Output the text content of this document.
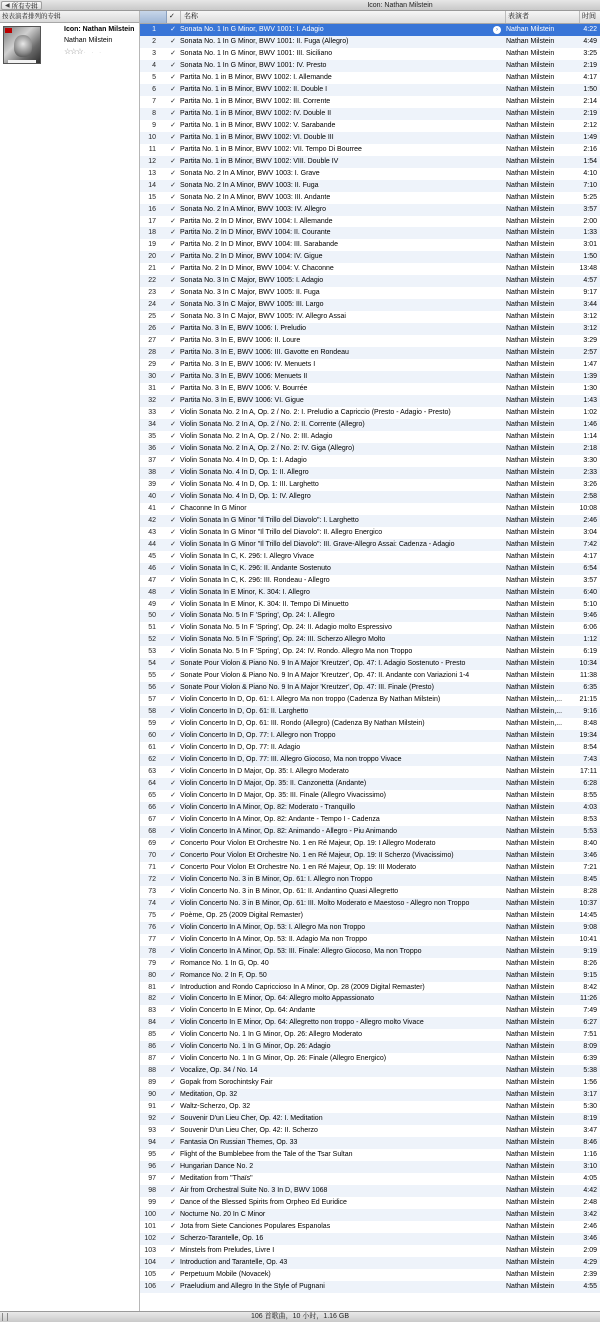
◀ 所有专辑	Icon: Nathan Milstein
按表演者排列的专辑
Icon: Nathan Milstein
Nathan Milstein
☆☆☆ · · ·
✓	名称	表演者	时间
1 ✓ Sonata No. 1 In G Minor, BWV 1001: I. Adagio	›	Nathan Milstein	4:22
2 ✓ Sonata No. 1 In G Minor, BWV 1001: II. Fuga (Allegro)	Nathan Milstein	4:49
3 ✓ Sonata No. 1 In G Minor, BWV 1001: III. Siciliano	Nathan Milstein	3:25
4 ✓ Sonata No. 1 In G Minor, BWV 1001: IV. Presto	Nathan Milstein	2:19
5 ✓ Partita No. 1 in B Minor, BWV 1002: I. Allemande	Nathan Milstein	4:17
6 ✓ Partita No. 1 in B Minor, BWV 1002: II. Double I	Nathan Milstein	1:50
7 ✓ Partita No. 1 in B Minor, BWV 1002: III. Corrente	Nathan Milstein	2:14
8 ✓ Partita No. 1 in B Minor, BWV 1002: IV. Double II	Nathan Milstein	2:19
9 ✓ Partita No. 1 in B Minor, BWV 1002: V. Sarabande	Nathan Milstein	2:12
10 ✓ Partita No. 1 in B Minor, BWV 1002: VI. Double III	Nathan Milstein	1:49
11 ✓ Partita No. 1 in B Minor, BWV 1002: VII. Tempo Di Bourree	Nathan Milstein	2:16
12 ✓ Partita No. 1 in B Minor, BWV 1002: VIII. Double IV	Nathan Milstein	1:54
13 ✓ Sonata No. 2 In A Minor, BWV 1003: I. Grave	Nathan Milstein	4:10
14 ✓ Sonata No. 2 In A Minor, BWV 1003: II. Fuga	Nathan Milstein	7:10
15 ✓ Sonata No. 2 In A Minor, BWV 1003: III. Andante	Nathan Milstein	5:25
16 ✓ Sonata No. 2 In A Minor, BWV 1003: IV. Allegro	Nathan Milstein	3:57
17 ✓ Partita No. 2 In D Minor, BWV 1004: I. Allemande	Nathan Milstein	2:00
18 ✓ Partita No. 2 In D Minor, BWV 1004: II. Courante	Nathan Milstein	1:33
19 ✓ Partita No. 2 In D Minor, BWV 1004: III. Sarabande	Nathan Milstein	3:01
20 ✓ Partita No. 2 In D Minor, BWV 1004: IV. Gigue	Nathan Milstein	1:50
21 ✓ Partita No. 2 In D Minor, BWV 1004: V. Chaconne	Nathan Milstein	13:48
22 ✓ Sonata No. 3 In C Major, BWV 1005: I. Adagio	Nathan Milstein	4:57
23 ✓ Sonata No. 3 In C Major, BWV 1005: II. Fuga	Nathan Milstein	9:17
24 ✓ Sonata No. 3 In C Major, BWV 1005: III. Largo	Nathan Milstein	3:44
25 ✓ Sonata No. 3 In C Major, BWV 1005: IV. Allegro Assai	Nathan Milstein	3:12
26 ✓ Partita No. 3 In E, BWV 1006: I. Preludio	Nathan Milstein	3:12
27 ✓ Partita No. 3 In E, BWV 1006: II. Loure	Nathan Milstein	3:29
28 ✓ Partita No. 3 In E, BWV 1006: III. Gavotte en Rondeau	Nathan Milstein	2:57
29 ✓ Partita No. 3 In E, BWV 1006: IV. Menuets I	Nathan Milstein	1:47
30 ✓ Partita No. 3 In E, BWV 1006: Menuets II	Nathan Milstein	1:39
31 ✓ Partita No. 3 In E, BWV 1006: V. Bourrée	Nathan Milstein	1:30
32 ✓ Partita No. 3 In E, BWV 1006: VI. Gigue	Nathan Milstein	1:43
33 ✓ Violin Sonata No. 2 In A, Op. 2 / No. 2: I. Preludio a Capriccio (Presto - Adagio - Presto)	Nathan Milstein	1:02
34 ✓ Violin Sonata No. 2 In A, Op. 2 / No. 2: II. Corrente (Allegro)	Nathan Milstein	1:46
35 ✓ Violin Sonata No. 2 In A, Op. 2 / No. 2: III. Adagio	Nathan Milstein	1:14
36 ✓ Violin Sonata No. 2 In A, Op. 2 / No. 2: IV. Giga (Allegro)	Nathan Milstein	2:18
37 ✓ Violin Sonata No. 4 In D, Op. 1: I. Adagio	Nathan Milstein	3:30
38 ✓ Violin Sonata No. 4 In D, Op. 1: II. Allegro	Nathan Milstein	2:33
39 ✓ Violin Sonata No. 4 In D, Op. 1: III. Larghetto	Nathan Milstein	3:26
40 ✓ Violin Sonata No. 4 In D, Op. 1: IV. Allegro	Nathan Milstein	2:58
41 ✓ Chaconne In G Minor	Nathan Milstein	10:08
42 ✓ Violin Sonata In G Minor "Il Trillo del Diavolo": I. Larghetto	Nathan Milstein	2:46
43 ✓ Violin Sonata In G Minor "Il Trillo del Diavolo": II. Allegro Energico	Nathan Milstein	3:04
44 ✓ Violin Sonata In G Minor "Il Trillo del Diavolo": III. Grave-Allegro Assai: Cadenza - Adagio	Nathan Milstein	7:42
45 ✓ Violin Sonata In C, K. 296: I. Allegro Vivace	Nathan Milstein	4:17
46 ✓ Violin Sonata In C, K. 296: II. Andante Sostenuto	Nathan Milstein	6:54
47 ✓ Violin Sonata In C, K. 296: III. Rondeau - Allegro	Nathan Milstein	3:57
48 ✓ Violin Sonata In E Minor, K. 304: I. Allegro	Nathan Milstein	6:40
49 ✓ Violin Sonata In E Minor, K. 304: II. Tempo Di Minuetto	Nathan Milstein	5:10
50 ✓ Violin Sonata No. 5 In F 'Spring', Op. 24: I. Allegro	Nathan Milstein	9:46
51 ✓ Violin Sonata No. 5 In F 'Spring', Op. 24: II. Adagio molto Espressivo	Nathan Milstein	6:06
52 ✓ Violin Sonata No. 5 In F 'Spring', Op. 24: III. Scherzo Allegro Molto	Nathan Milstein	1:12
53 ✓ Violin Sonata No. 5 In F 'Spring', Op. 24: IV. Rondo. Allegro Ma non Troppo	Nathan Milstein	6:19
54 ✓ Sonate Pour Violon & Piano No. 9 In A Major 'Kreutzer', Op. 47: I. Adagio Sostenuto - Presto	Nathan Milstein	10:34
55 ✓ Sonate Pour Violon & Piano No. 9 In A Major 'Kreutzer', Op. 47: II. Andante con Variazioni 1-4	Nathan Milstein	11:38
56 ✓ Sonate Pour Violon & Piano No. 9 In A Major 'Kreutzer', Op. 47: III. Finale (Presto)	Nathan Milstein	6:35
57 ✓ Violin Concerto In D, Op. 61: I. Allegro Ma non troppo (Cadenza By Nathan Milstein)	Nathan Milstein,...	21:15
58 ✓ Violin Concerto In D, Op. 61: II. Larghetto	Nathan Milstein,...	9:16
59 ✓ Violin Concerto In D, Op. 61: III. Rondo (Allegro) (Cadenza By Nathan Milstein)	Nathan Milstein,...	8:48
60 ✓ Violin Concerto In D, Op. 77: I. Allegro non Troppo	Nathan Milstein	19:34
61 ✓ Violin Concerto In D, Op. 77: II. Adagio	Nathan Milstein	8:54
62 ✓ Violin Concerto In D, Op. 77: III. Allegro Giocoso, Ma non troppo Vivace	Nathan Milstein	7:43
63 ✓ Violin Concerto In D Major, Op. 35: I. Allegro Moderato	Nathan Milstein	17:11
64 ✓ Violin Concerto In D Major, Op. 35: II. Canzonetta (Andante)	Nathan Milstein	6:28
65 ✓ Violin Concerto In D Major, Op. 35: III. Finale (Allegro Vivacissimo)	Nathan Milstein	8:55
66 ✓ Violin Concerto In A Minor, Op. 82: Moderato - Tranquillo	Nathan Milstein	4:03
67 ✓ Violin Concerto In A Minor, Op. 82: Andante - Tempo I - Cadenza	Nathan Milstein	8:53
68 ✓ Violin Concerto In A Minor, Op. 82: Animando - Allegro - Piu Animando	Nathan Milstein	5:53
69 ✓ Concerto Pour Violon Et Orchestre No. 1 en Ré Majeur, Op. 19: I Allegro Moderato	Nathan Milstein	8:40
70 ✓ Concerto Pour Violon Et Orchestre No. 1 en Ré Majeur, Op. 19: II Scherzo (Vivacissimo)	Nathan Milstein	3:46
71 ✓ Concerto Pour Violon Et Orchestre No. 1 en Ré Majeur, Op. 19: III Moderato	Nathan Milstein	7:21
72 ✓ Violin Concerto No. 3 in B Minor, Op. 61: I. Allegro non Troppo	Nathan Milstein	8:45
73 ✓ Violin Concerto No. 3 in B Minor, Op. 61: II. Andantino Quasi Allegretto	Nathan Milstein	8:28
74 ✓ Violin Concerto No. 3 in B Minor, Op. 61: III. Molto Moderato e Maestoso - Allegro non Troppo	Nathan Milstein	10:37
75 ✓ Poème, Op. 25 (2009 Digital Remaster)	Nathan Milstein	14:45
76 ✓ Violin Concerto In A Minor, Op. 53: I. Allegro Ma non Troppo	Nathan Milstein	9:08
77 ✓ Violin Concerto In A Minor, Op. 53: II. Adagio Ma non Troppo	Nathan Milstein	10:41
78 ✓ Violin Concerto In A Minor, Op. 53: III. Finale: Allegro Giocoso, Ma non Troppo	Nathan Milstein	9:19
79 ✓ Romance No. 1 In G, Op. 40	Nathan Milstein	8:26
80 ✓ Romance No. 2 In F, Op. 50	Nathan Milstein	9:15
81 ✓ Introduction and Rondo Capriccioso In A Minor, Op. 28 (2009 Digital Remaster)	Nathan Milstein	8:42
82 ✓ Violin Concerto In E Minor, Op. 64: Allegro molto Appassionato	Nathan Milstein	11:26
83 ✓ Violin Concerto In E Minor, Op. 64: Andante	Nathan Milstein	7:49
84 ✓ Violin Concerto In E Minor, Op. 64: Allegretto non troppo - Allegro molto Vivace	Nathan Milstein	6:27
85 ✓ Violin Concerto No. 1 In G Minor, Op. 26: Allegro Moderato	Nathan Milstein	7:51
86 ✓ Violin Concerto No. 1 In G Minor, Op. 26: Adagio	Nathan Milstein	8:09
87 ✓ Violin Concerto No. 1 In G Minor, Op. 26: Finale (Allegro Energico)	Nathan Milstein	6:39
88 ✓ Vocalize, Op. 34 / No. 14	Nathan Milstein	5:38
89 ✓ Gopak from Sorochintsky Fair	Nathan Milstein	1:56
90 ✓ Meditation, Op. 32	Nathan Milstein	3:17
91 ✓ Waltz-Scherzo, Op. 32	Nathan Milstein	5:30
92 ✓ Souvenir D'un Lieu Cher, Op. 42: I. Meditation	Nathan Milstein	8:19
93 ✓ Souvenir D'un Lieu Cher, Op. 42: II. Scherzo	Nathan Milstein	3:47
94 ✓ Fantasia On Russian Themes, Op. 33	Nathan Milstein	8:46
95 ✓ Flight of the Bumblebee from the Tale of the Tsar Sultan	Nathan Milstein	1:16
96 ✓ Hungarian Dance No. 2	Nathan Milstein	3:10
97 ✓ Meditation from "Thaïs"	Nathan Milstein	4:05
98 ✓ Air from Orchestral Suite No. 3 In D, BWV 1068	Nathan Milstein	4:42
99 ✓ Dance of the Blessed Spirits from Orpheo Ed Euridice	Nathan Milstein	2:48
100 ✓ Nocturne No. 20 In C Minor	Nathan Milstein	3:42
101 ✓ Jota from Siete Canciones Populares Espanolas	Nathan Milstein	2:46
102 ✓ Scherzo-Tarantelle, Op. 16	Nathan Milstein	3:46
103 ✓ Minstels from Preludes, Livre I	Nathan Milstein	2:09
104 ✓ Introduction and Tarantelle, Op. 43	Nathan Milstein	4:29
105 ✓ Perpetuum Mobile (Novacek)	Nathan Milstein	2:39
106 ✓ Praeludium and Allegro In the Style of Pugnani	Nathan Milstein	4:55
106 首歌曲，10 小时，1.16 GB
